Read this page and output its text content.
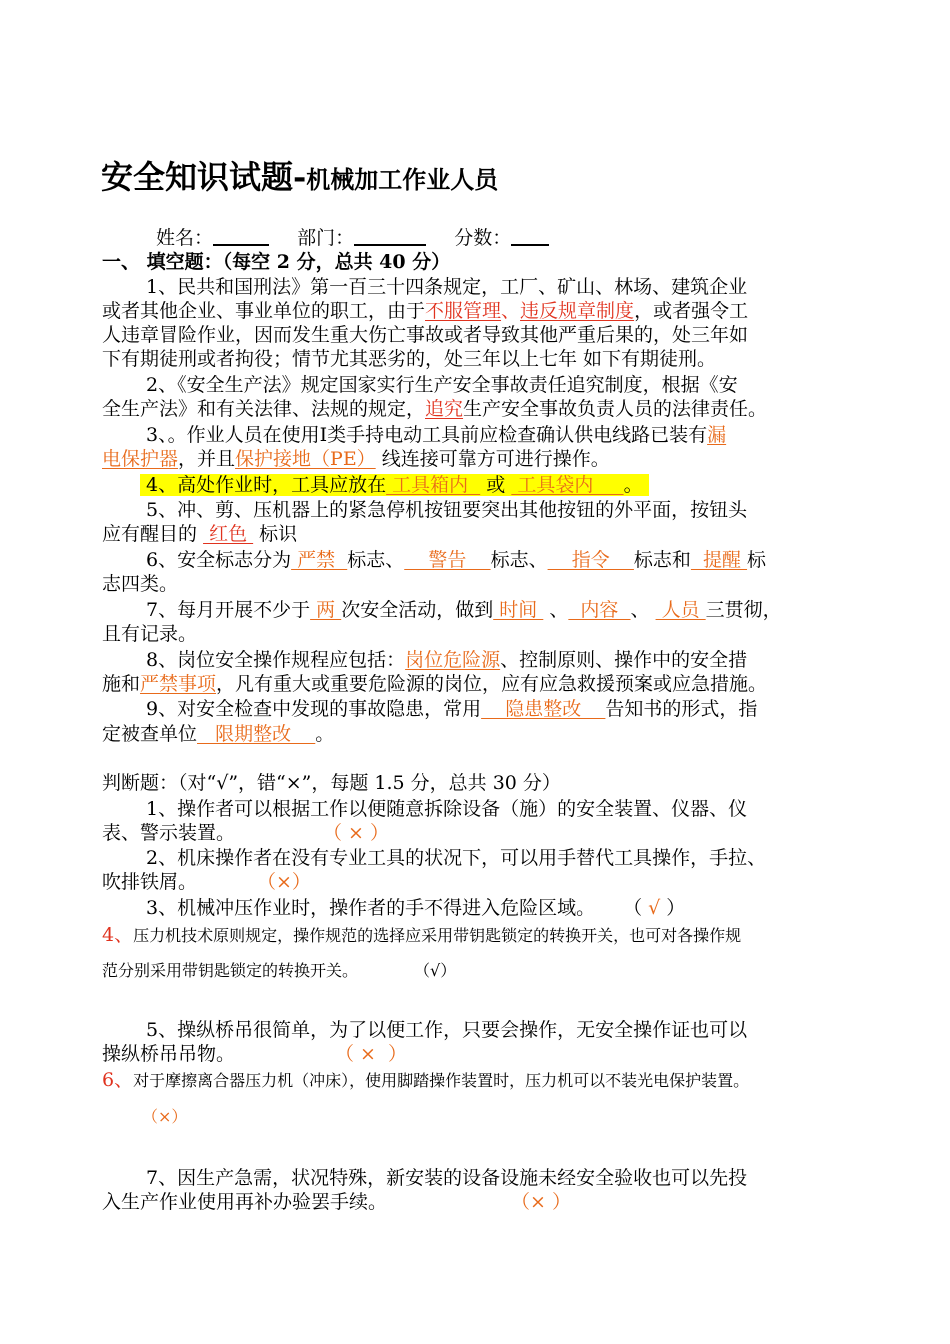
安全知识试题-机械加工作业人员
姓名：	部门：	分数：
一、 填空题：（每空 2 分，总共 40 分）
1、民共和国刑法》第一百三十四条规定，工厂、矿山、林场、建筑企业
或者其他企业、事业单位的职工，由于不服管理、违反规章制度，或者强令工
人违章冒险作业，因而发生重大伤亡事故或者导致其他严重后果的，处三年如
下有期徒刑或者拘役；情节尤其恶劣的，处三年以上七年 如下有期徒刑。
2、《安全生产法》规定国家实行生产安全事故责任追究制度，根据《安
全生产法》和有关法律、法规的规定，追究生产安全事故负责人员的法律责任。
3、。作业人员在使用Ⅰ类手持电动工具前应检查确认供电线路已装有漏
电保护器，并且保护接地（PE） 线连接可靠方可进行操作。
4、高处作业时，工具应放在 工具箱内   或  工具袋内     。
5、冲、剪、压机器上的紧急停机按钮要突出其他按钮的外平面，按钮头
应有醒目的  红色  标识
6、安全标志分为 严禁  标志、    警告    标志、    指令    标志和  提醒 标
志四类。
7、每月开展不少于 两 次安全活动，做到 时间  、  内容  、  人员 三贯彻，
且有记录。
8、岗位安全操作规程应包括：岗位危险源、控制原则、操作中的安全措
施和严禁事项，凡有重大或重要危险源的岗位，应有应急救援预案或应急措施。
9、对安全检查中发现的事故隐患，常用    隐患整改    告知书的形式，指
定被查单位   限期整改    。
判断题：（对“√”，错“×”，每题 1.5 分，总共 30 分）
1、操作者可以根据工作以便随意拆除设备（施）的安全装置、仪器、仪
表、警示装置。	（ × ）
2、机床操作者在没有专业工具的状况下，可以用手替代工具操作，手拉、
吹排铁屑。	（×）
3、机械冲压作业时，操作者的手不得进入危险区域。 （ √ ）
4、压力机技术原则规定，操作规范的选择应采用带钥匙锁定的转换开关，也可对各操作规
范分别采用带钥匙锁定的转换开关。	（√）
5、操纵桥吊很简单，为了以便工作，只要会操作，无安全操作证也可以
操纵桥吊吊物。	（ ×  ）
6、对于摩擦离合器压力机（冲床），使用脚踏操作装置时，压力机可以不装光电保护装置。
（×）
7、因生产急需，状况特殊，新安装的设备设施未经安全验收也可以先投
入生产作业使用再补办验罢手续。	（× ）
